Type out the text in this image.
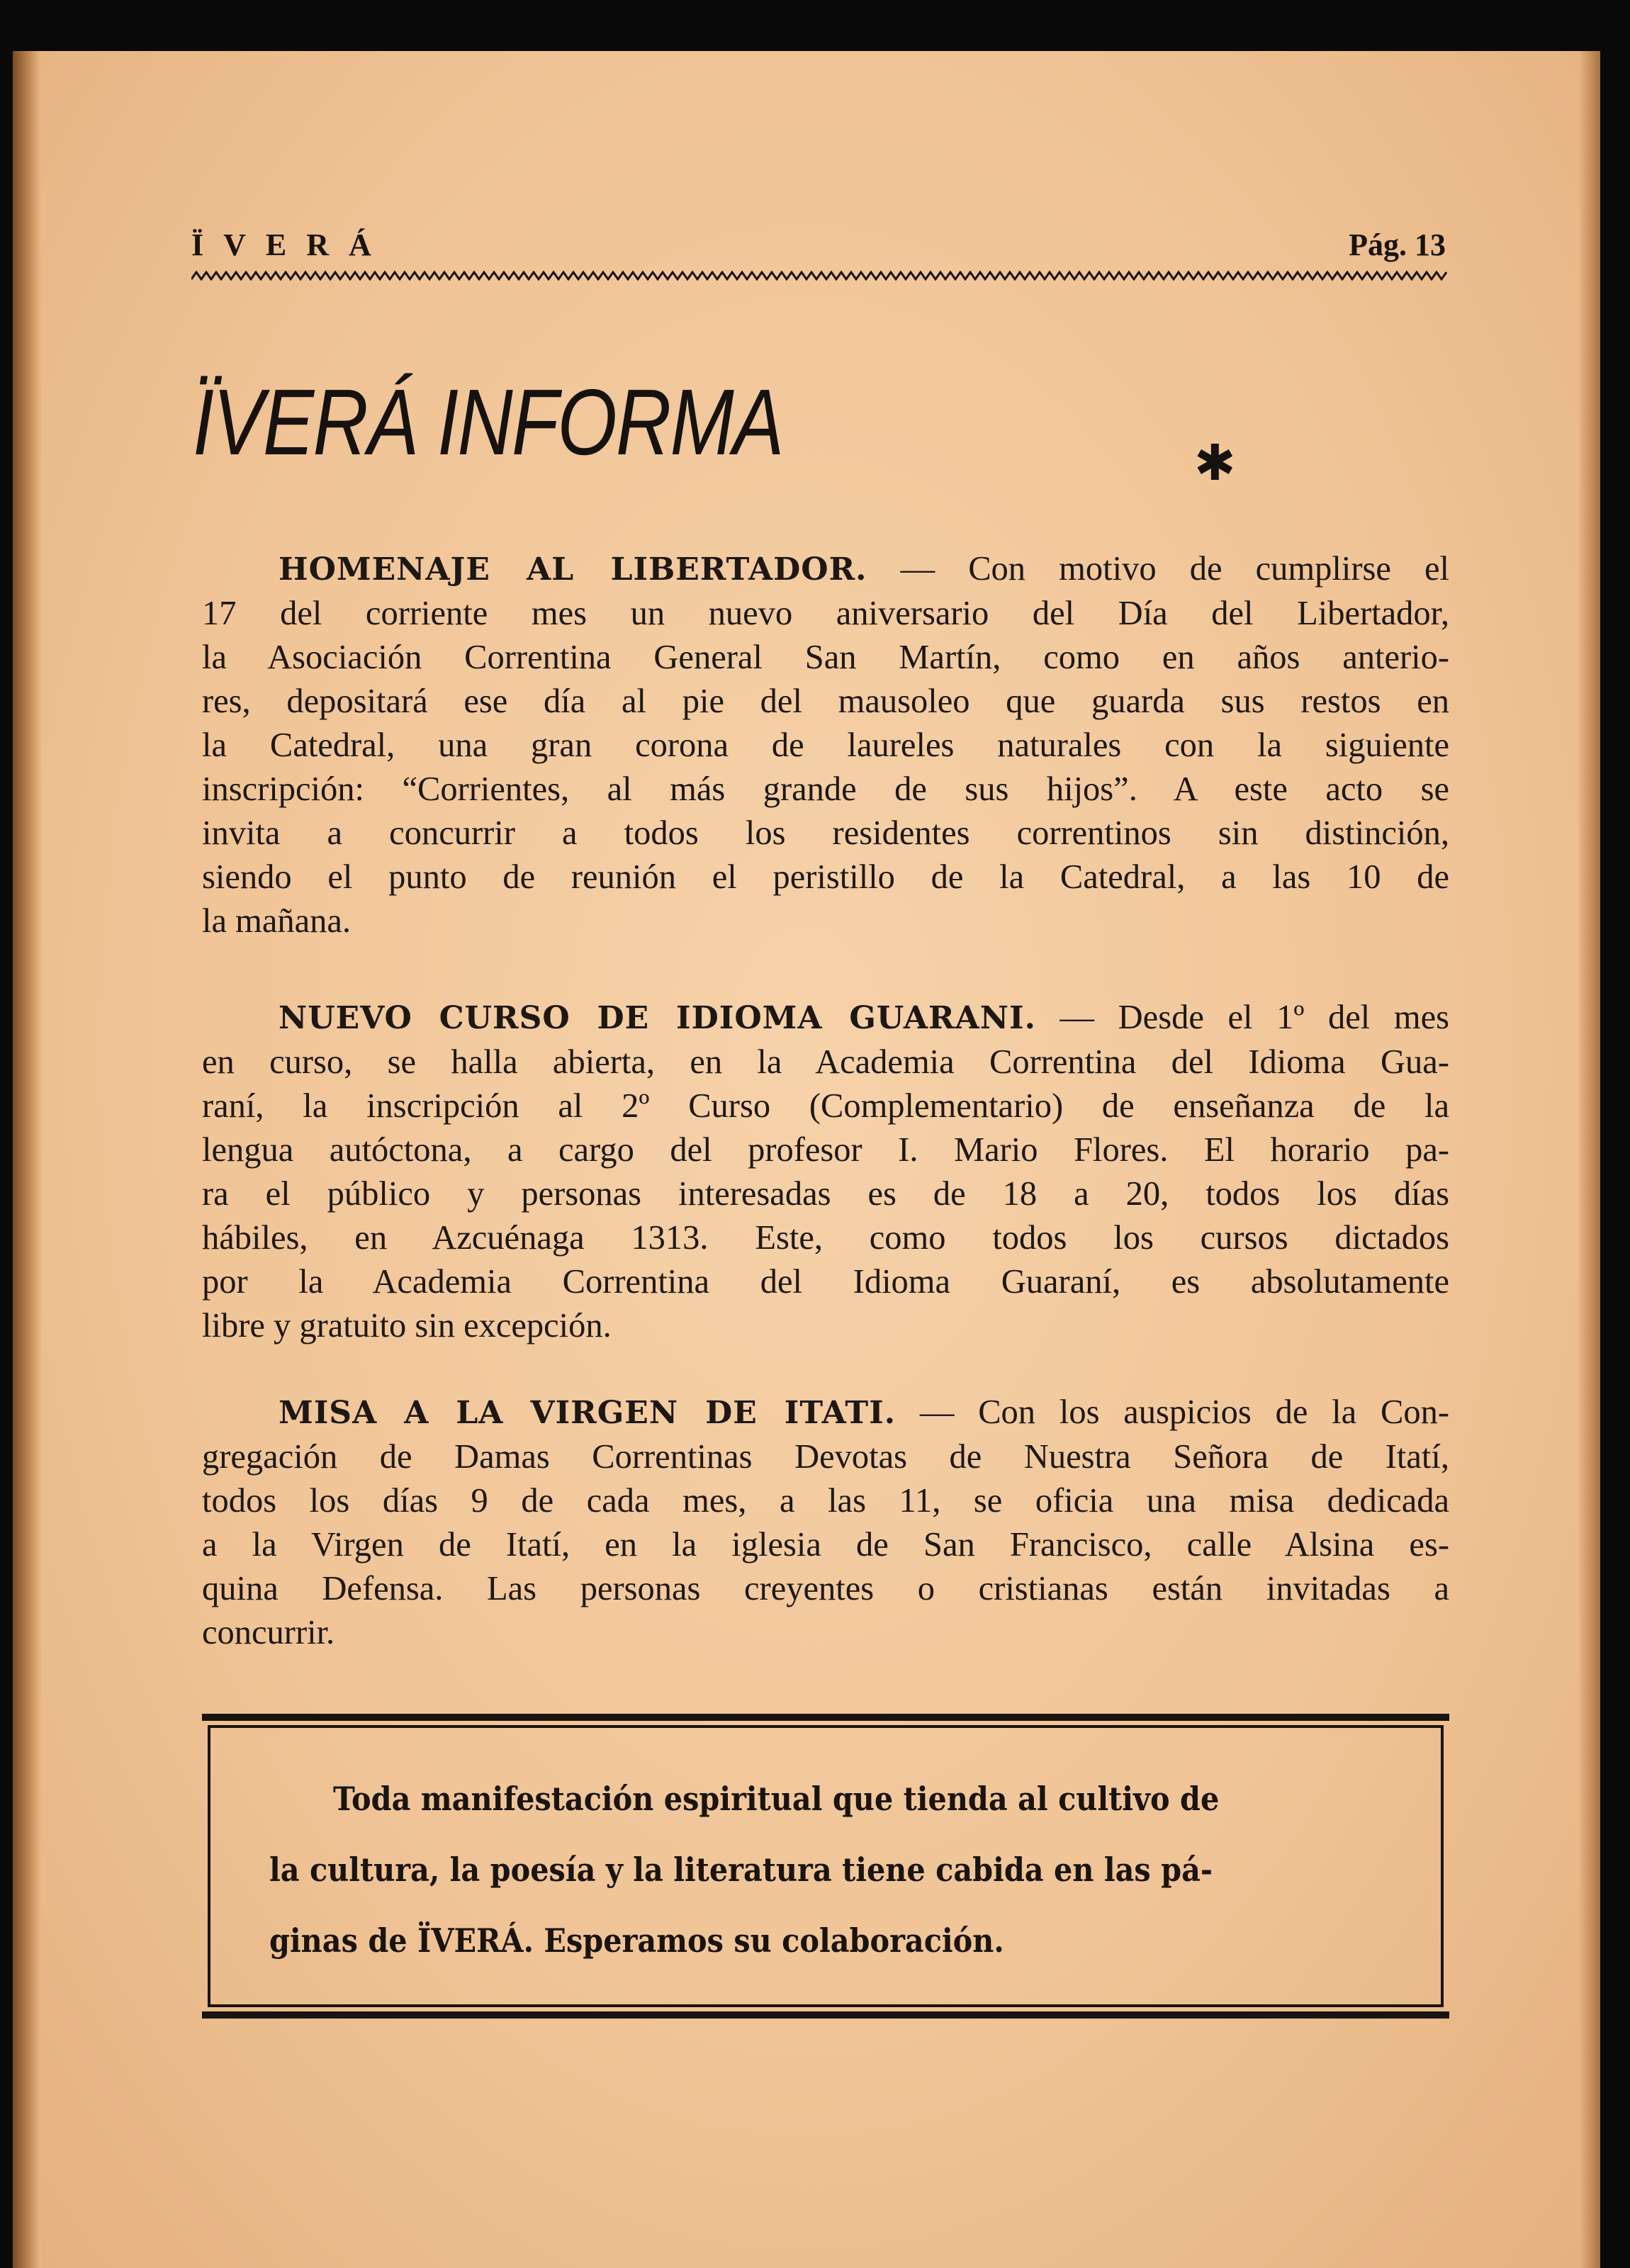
ÏVERÁ	Pág. 13
ÏVERÁ INFORMA	✱
HOMENAJE AL LIBERTADOR. — Con motivo de cumplirse el
17 del corriente mes un nuevo aniversario del Día del Libertador,
la Asociación Correntina General San Martín, como en años anterio-
res, depositará ese día al pie del mausoleo que guarda sus restos en
la Catedral, una gran corona de laureles naturales con la siguiente
inscripción: “Corrientes, al más grande de sus hijos”. A este acto se
invita a concurrir a todos los residentes correntinos sin distinción,
siendo el punto de reunión el peristillo de la Catedral, a las 10 de
la mañana.
NUEVO CURSO DE IDIOMA GUARANI. — Desde el 1º del mes
en curso, se halla abierta, en la Academia Correntina del Idioma Gua-
raní, la inscripción al 2º Curso (Complementario) de enseñanza de la
lengua autóctona, a cargo del profesor I. Mario Flores. El horario pa-
ra el público y personas interesadas es de 18 a 20, todos los días
hábiles, en Azcuénaga 1313. Este, como todos los cursos dictados
por la Academia Correntina del Idioma Guaraní, es absolutamente
libre y gratuito sin excepción.
MISA A LA VIRGEN DE ITATI. — Con los auspicios de la Con-
gregación de Damas Correntinas Devotas de Nuestra Señora de Itatí,
todos los días 9 de cada mes, a las 11, se oficia una misa dedicada
a la Virgen de Itatí, en la iglesia de San Francisco, calle Alsina es-
quina Defensa. Las personas creyentes o cristianas están invitadas a
concurrir.
Toda manifestación espiritual que tienda al cultivo de
la cultura, la poesía y la literatura tiene cabida en las pá-
ginas de ÏVERÁ. Esperamos su colaboración.
